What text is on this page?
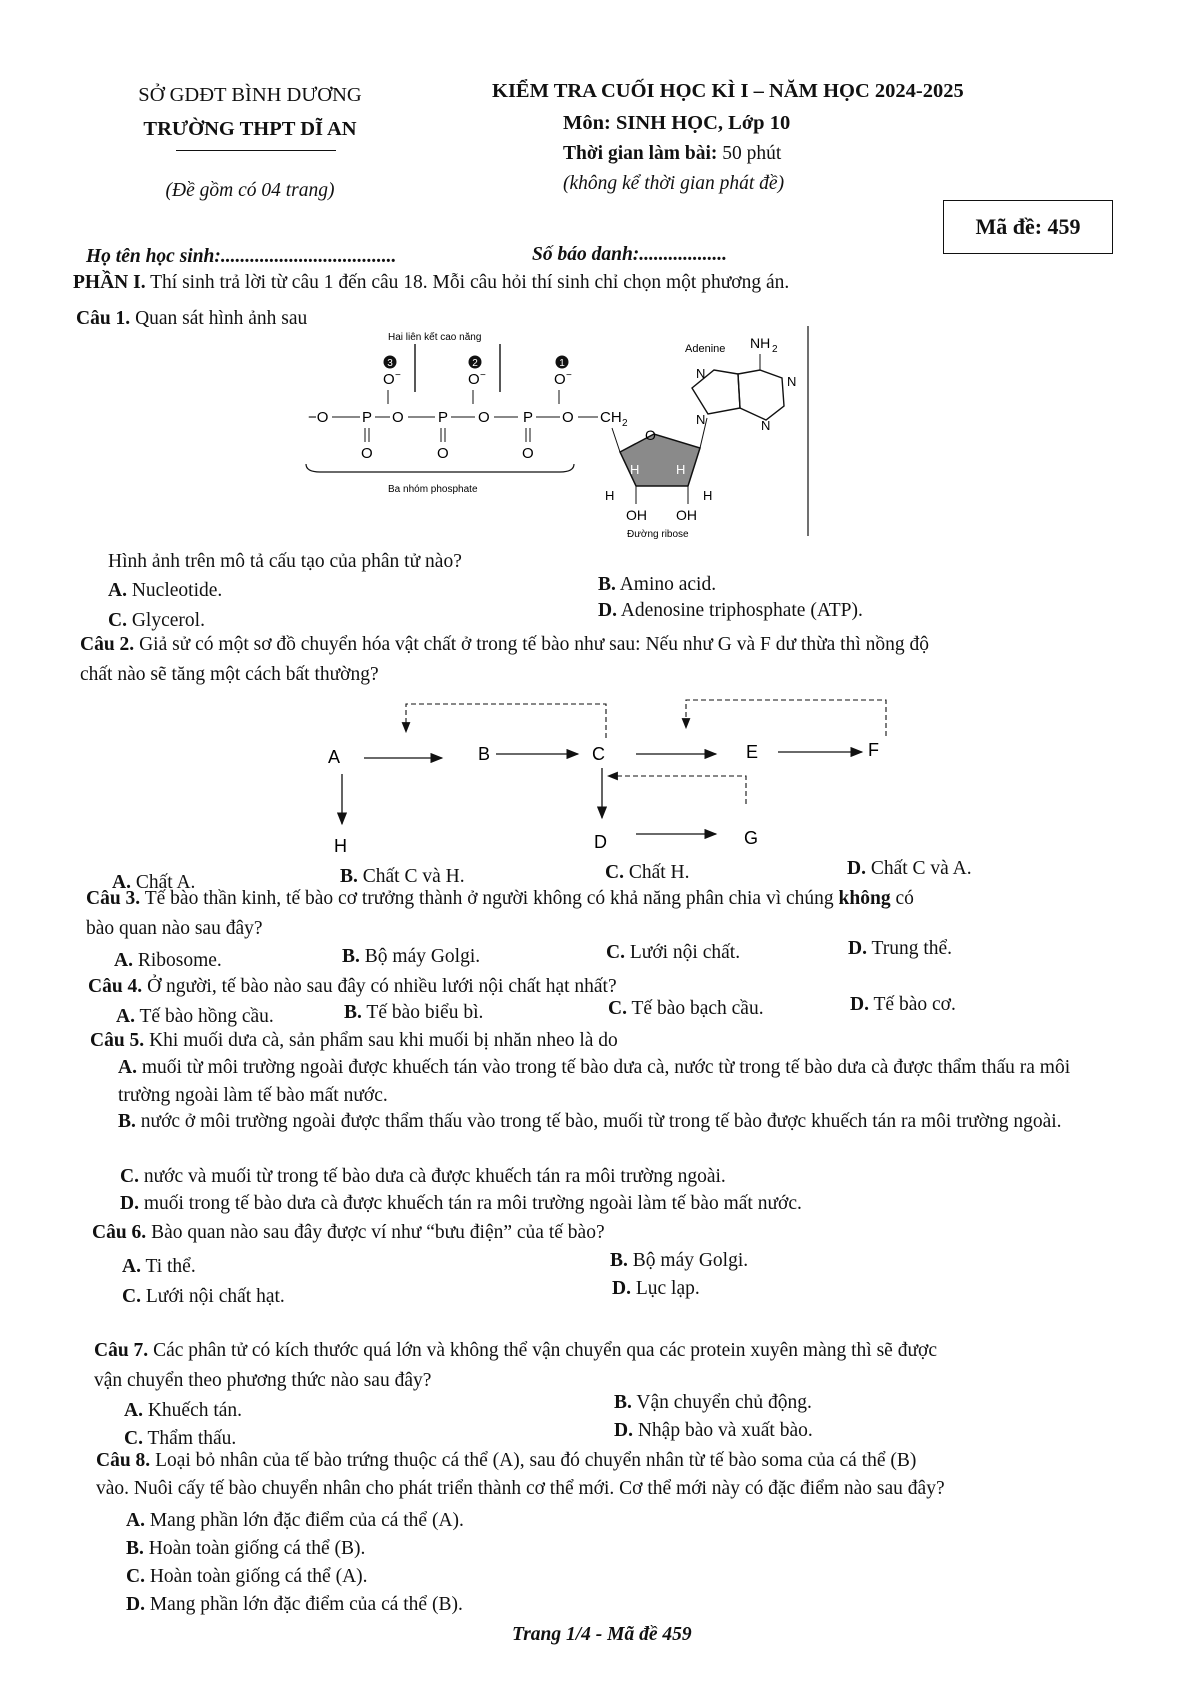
SỞ GDĐT BÌNH DƯƠNG
TRƯỜNG THPT DĨ AN
(Đề gồm có 04 trang)
KIỂM TRA CUỐI HỌC KÌ I – NĂM HỌC 2024-2025
Môn: SINH HỌC, Lớp 10
Thời gian làm bài: 50 phút
(không kể thời gian phát đề)
Mã đề: 459
Họ tên học sinh:....................................	Số báo danh:..................
PHẦN I. Thí sinh trả lời từ câu 1 đến câu 18. Mỗi câu hỏi thí sinh chỉ chọn một phương án.
Câu 1. Quan sát hình ảnh sau
Hai liên kết cao năng
3	2	1
O −	O −	O −
−O P O P O P O CH 2
O	O	O
Ba nhóm phosphate
O
H	H
H	H
OH OH
Đường ribose
Adenine NH 2
N
N
N
N
Hình ảnh trên mô tả cấu tạo của phân tử nào?
A. Nucleotide.	B. Amino acid.
C. Glycerol.	D. Adenosine triphosphate (ATP).
Câu 2. Giả sử có một sơ đồ chuyển hóa vật chất ở trong tế bào như sau: Nếu như G và F dư thừa thì nồng độ
chất nào sẽ tăng một cách bất thường?
A	B	C	E	F
H	D	G
A. Chất A.	B. Chất C và H.	C. Chất H.	D. Chất C và A.
Câu 3. Tế bào thần kinh, tế bào cơ trưởng thành ở người không có khả năng phân chia vì chúng không có
bào quan nào sau đây?
A. Ribosome.	B. Bộ máy Golgi.	C. Lưới nội chất.	D. Trung thể.
Câu 4. Ở người, tế bào nào sau đây có nhiều lưới nội chất hạt nhất?
A. Tế bào hồng cầu.	B. Tế bào biểu bì.	C. Tế bào bạch cầu.	D. Tế bào cơ.
Câu 5. Khi muối dưa cà, sản phẩm sau khi muối bị nhăn nheo là do
A. muối từ môi trường ngoài được khuếch tán vào trong tế bào dưa cà, nước từ trong tế bào dưa cà được thẩm thấu ra môi trường ngoài làm tế bào mất nước.
B. nước ở môi trường ngoài được thẩm thấu vào trong tế bào, muối từ trong tế bào được khuếch tán ra môi trường ngoài.
C. nước và muối từ trong tế bào dưa cà được khuếch tán ra môi trường ngoài.
D. muối trong tế bào dưa cà được khuếch tán ra môi trường ngoài làm tế bào mất nước.
Câu 6. Bào quan nào sau đây được ví như “bưu điện” của tế bào?
A. Ti thể.	B. Bộ máy Golgi.
C. Lưới nội chất hạt.	D. Lục lạp.
Câu 7. Các phân tử có kích thước quá lớn và không thể vận chuyển qua các protein xuyên màng thì sẽ được
vận chuyển theo phương thức nào sau đây?
A. Khuếch tán.	B. Vận chuyển chủ động.
C. Thẩm thấu.	D. Nhập bào và xuất bào.
Câu 8. Loại bỏ nhân của tế bào trứng thuộc cá thể (A), sau đó chuyển nhân từ tế bào soma của cá thể (B)
vào. Nuôi cấy tế bào chuyển nhân cho phát triển thành cơ thể mới. Cơ thể mới này có đặc điểm nào sau đây?
A. Mang phần lớn đặc điểm của cá thể (A).
B. Hoàn toàn giống cá thể (B).
C. Hoàn toàn giống cá thể (A).
D. Mang phần lớn đặc điểm của cá thể (B).
Trang 1/4 - Mã đề 459
